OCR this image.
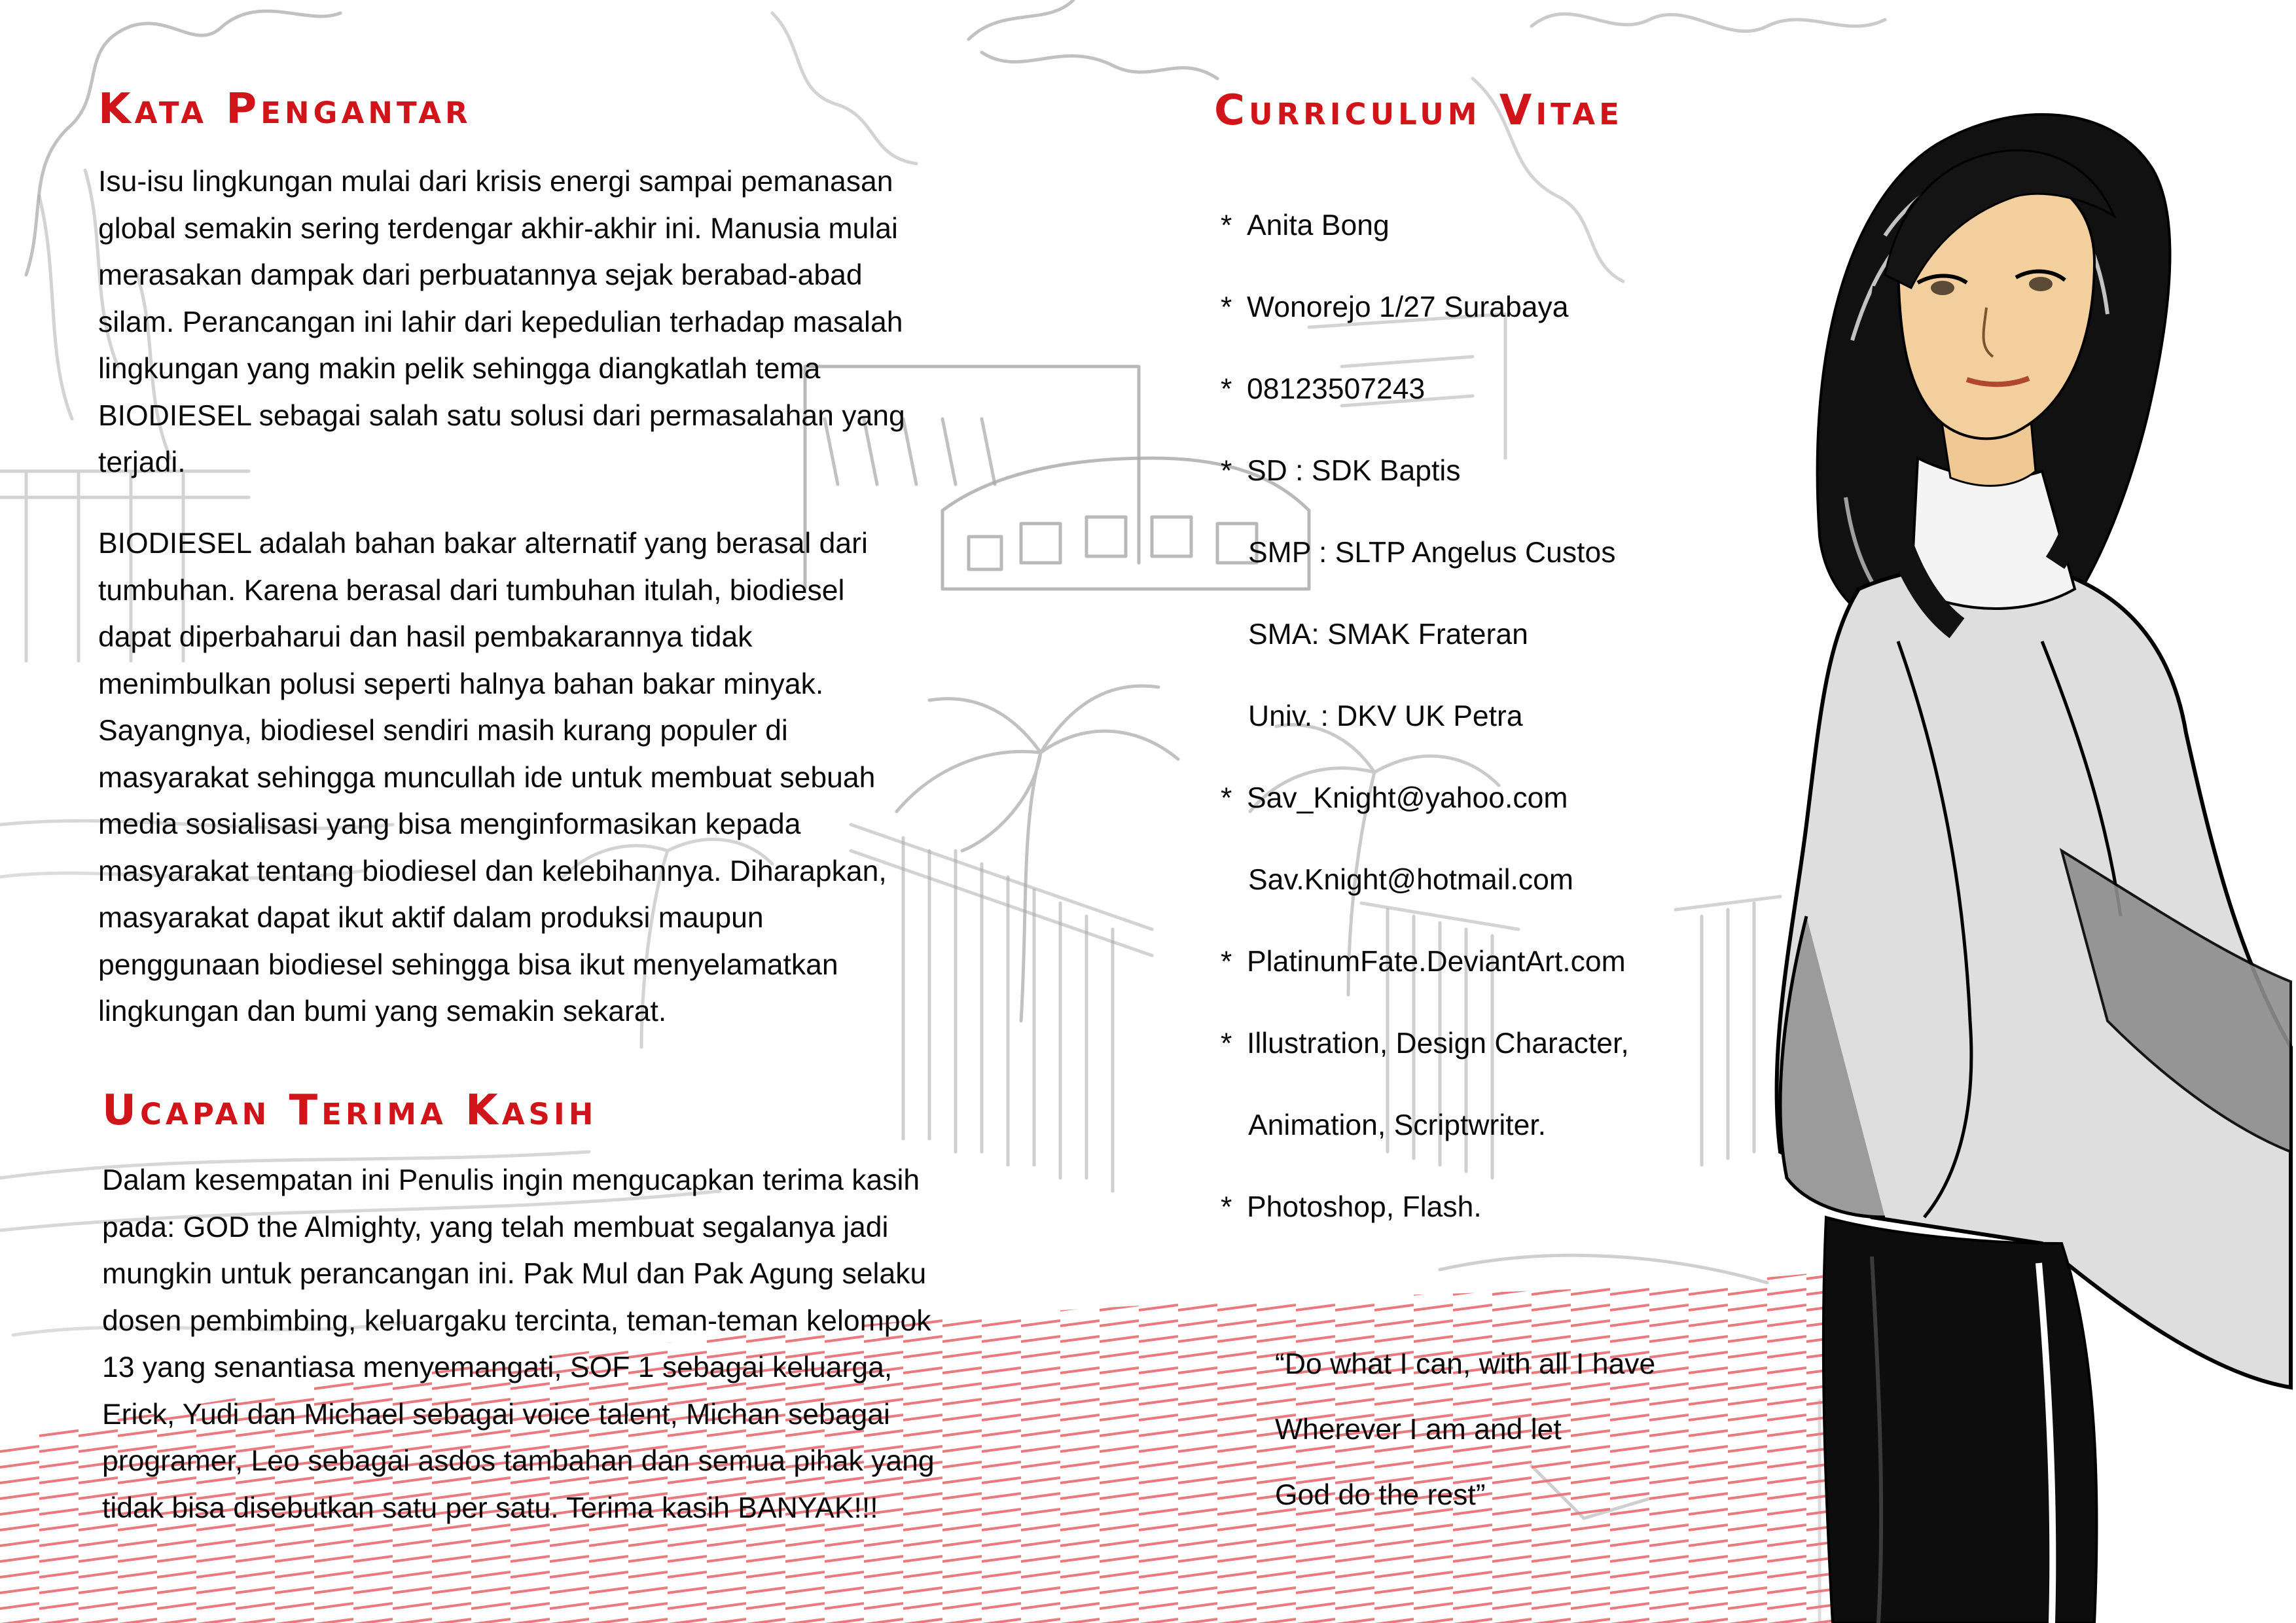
Kata Pengantar

Isu-isu lingkungan mulai dari krisis energi sampai pemanasan
global semakin sering terdengar akhir-akhir ini. Manusia mulai
merasakan dampak dari perbuatannya sejak berabad-abad
silam. Perancangan ini lahir dari kepedulian terhadap masalah
lingkungan yang makin pelik sehingga diangkatlah tema
BIODIESEL sebagai salah satu solusi dari permasalahan yang
terjadi.

BIODIESEL adalah bahan bakar alternatif yang berasal dari
tumbuhan. Karena berasal dari tumbuhan itulah, biodiesel
dapat diperbaharui dan hasil pembakarannya tidak
menimbulkan polusi seperti halnya bahan bakar minyak.
Sayangnya, biodiesel sendiri masih kurang populer di
masyarakat sehingga muncullah ide untuk membuat sebuah
media sosialisasi yang bisa menginformasikan kepada
masyarakat tentang biodiesel dan kelebihannya. Diharapkan,
masyarakat dapat ikut aktif dalam produksi maupun
penggunaan biodiesel sehingga bisa ikut menyelamatkan
lingkungan dan bumi yang semakin sekarat.

Ucapan Terima Kasih

Dalam kesempatan ini Penulis ingin mengucapkan terima kasih
pada: GOD the Almighty, yang telah membuat segalanya jadi
mungkin untuk perancangan ini. Pak Mul dan Pak Agung selaku
dosen pembimbing, keluargaku tercinta, teman-teman kelompok
13 yang senantiasa menyemangati, SOF 1 sebagai keluarga,
Erick, Yudi dan Michael sebagai voice talent, Michan sebagai
programer, Leo sebagai asdos tambahan dan semua pihak yang
tidak bisa disebutkan satu per satu. Terima kasih BANYAK!!!

Curriculum Vitae
* Anita Bong
* Wonorejo 1/27 Surabaya
* 08123507243
* SD : SDK Baptis
SMP : SLTP Angelus Custos
SMA: SMAK Frateran
Univ. : DKV UK Petra
* Sav_Knight@yahoo.com
Sav.Knight@hotmail.com
* PlatinumFate.DeviantArt.com
* Illustration, Design Character,
Animation, Scriptwriter.
* Photoshop, Flash.

“Do what I can, with all I have
Wherever I am and let
God do the rest”
